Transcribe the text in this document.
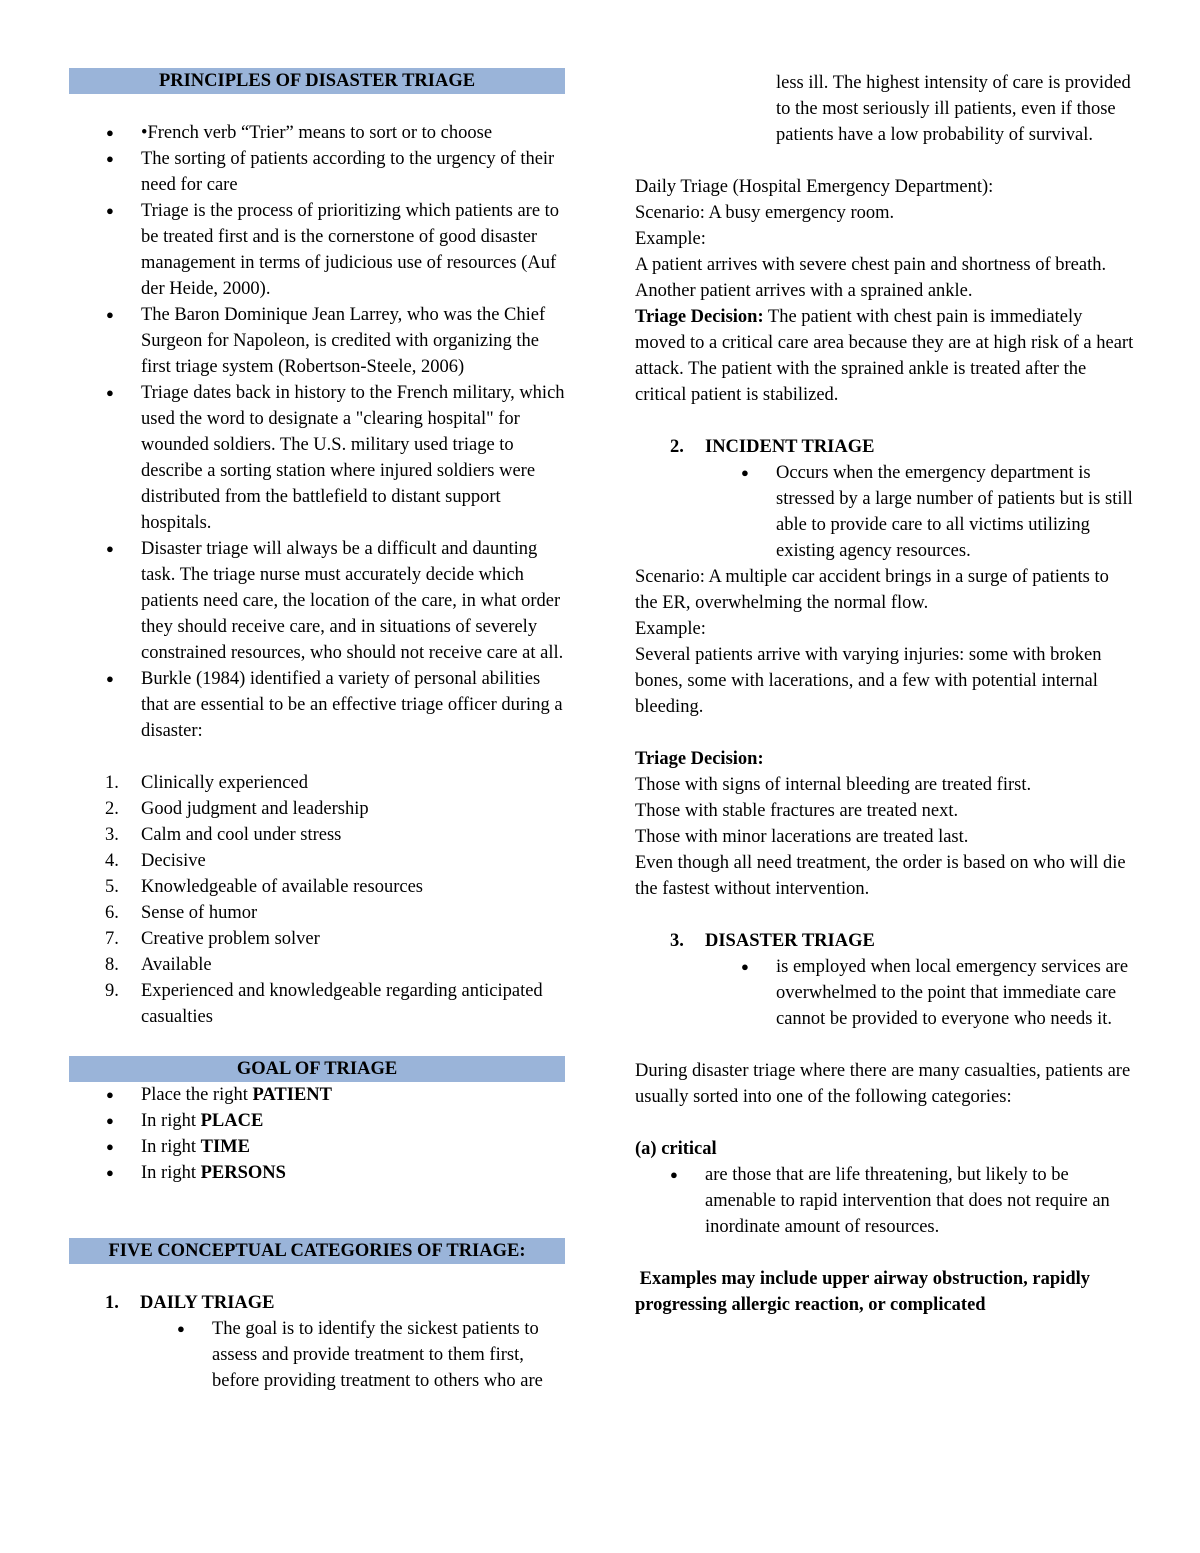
PRINCIPLES OF DISASTER TRIAGE
● •French verb “Trier” means to sort or to choose
● The sorting of patients according to the urgency of their need for care
● Triage is the process of prioritizing which patients are to be treated first and is the cornerstone of good disaster management in terms of judicious use of resources (Auf der Heide, 2000).
● The Baron Dominique Jean Larrey, who was the Chief Surgeon for Napoleon, is credited with organizing the first triage system (Robertson-Steele, 2006)
● Triage dates back in history to the French military, which used the word to designate a "clearing hospital" for wounded soldiers. The U.S. military used triage to describe a sorting station where injured soldiers were distributed from the battlefield to distant support hospitals.
● Disaster triage will always be a difficult and daunting task. The triage nurse must accurately decide which patients need care, the location of the care, in what order they should receive care, and in situations of severely constrained resources, who should not receive care at all.
● Burkle (1984) identified a variety of personal abilities that are essential to be an effective triage officer during a disaster:
1. Clinically experienced
2. Good judgment and leadership
3. Calm and cool under stress
4. Decisive
5. Knowledgeable of available resources
6. Sense of humor
7. Creative problem solver
8. Available
9. Experienced and knowledgeable regarding anticipated casualties
GOAL OF TRIAGE
● Place the right PATIENT
● In right PLACE
● In right TIME
● In right PERSONS
FIVE CONCEPTUAL CATEGORIES OF TRIAGE:
1. DAILY TRIAGE
● The goal is to identify the sickest patients to assess and provide treatment to them first, before providing treatment to others who are

less ill. The highest intensity of care is provided to the most seriously ill patients, even if those patients have a low probability of survival.

Daily Triage (Hospital Emergency Department):

Scenario: A busy emergency room.

Example:

A patient arrives with severe chest pain and shortness of breath.

Another patient arrives with a sprained ankle.

Triage Decision: The patient with chest pain is immediately moved to a critical care area because they are at high risk of a heart attack. The patient with the sprained ankle is treated after the critical patient is stabilized.

2. INCIDENT TRIAGE
● Occurs when the emergency department is stressed by a large number of patients but is still able to provide care to all victims utilizing existing agency resources.

Scenario: A multiple car accident brings in a surge of patients to the ER, overwhelming the normal flow.

Example:

Several patients arrive with varying injuries: some with broken bones, some with lacerations, and a few with potential internal bleeding.

Triage Decision:

Those with signs of internal bleeding are treated first.

Those with stable fractures are treated next.

Those with minor lacerations are treated last.

Even though all need treatment, the order is based on who will die the fastest without intervention.

3. DISASTER TRIAGE
● is employed when local emergency services are overwhelmed to the point that immediate care cannot be provided to everyone who needs it.

During disaster triage where there are many casualties, patients are usually sorted into one of the following categories:

(a) critical

● are those that are life threatening, but likely to be amenable to rapid intervention that does not require an inordinate amount of resources.

Examples may include upper airway obstruction, rapidly progressing allergic reaction, or complicated
